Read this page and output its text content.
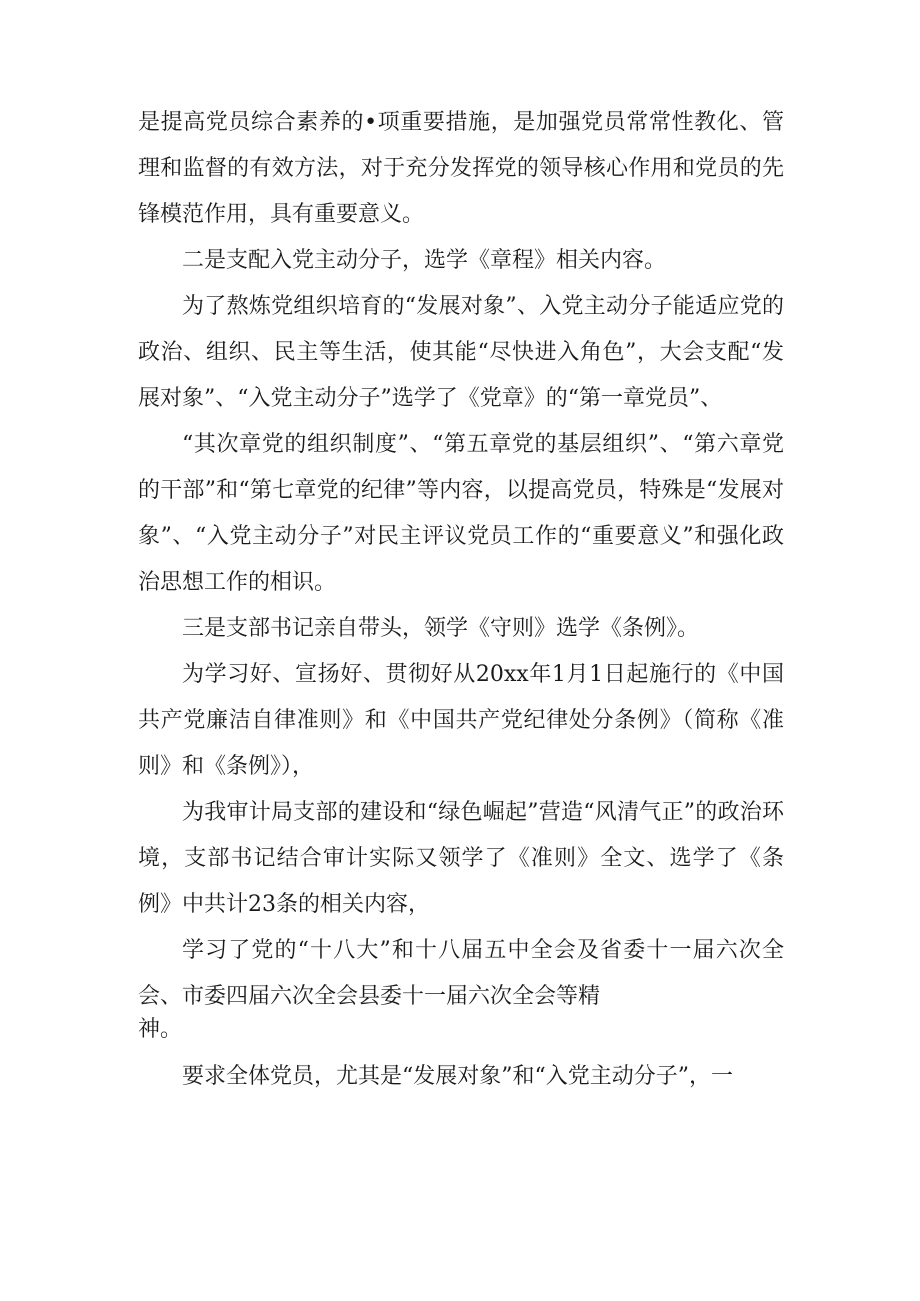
是提高党员综合素养的•项重要措施，是加强党员常常性教化、管理和监督的有效方法，对于充分发挥党的领导核心作用和党员的先锋模范作用，具有重要意义。

二是支配入党主动分子，选学《章程》相关内容。

为了熬炼党组织培育的“发展对象”、入党主动分子能适应党的政治、组织、民主等生活，使其能“尽快进入角色”，大会支配“发展对象”、“入党主动分子”选学了《党章》的“第一章党员”、

“其次章党的组织制度”、“第五章党的基层组织”、“第六章党的干部”和“第七章党的纪律”等内容，以提高党员，特殊是“发展对象”、“入党主动分子”对民主评议党员工作的“重要意义”和强化政治思想工作的相识。

三是支部书记亲自带头，领学《守则》选学《条例》。

为学习好、宣扬好、贯彻好从20xx年1月1日起施行的《中国共产党廉洁自律准则》和《中国共产党纪律处分条例》（简称《准则》和《条例》），

为我审计局支部的建设和“绿色崛起”营造“风清气正”的政治环境，支部书记结合审计实际又领学了《准则》全文、选学了《条例》中共计23条的相关内容，

学习了党的“十八大”和十八届五中全会及省委十一届六次全会、市委四届六次全会县委十一届六次全会等精

神。

要求全体党员，尤其是“发展对象”和“入党主动分子”，一
